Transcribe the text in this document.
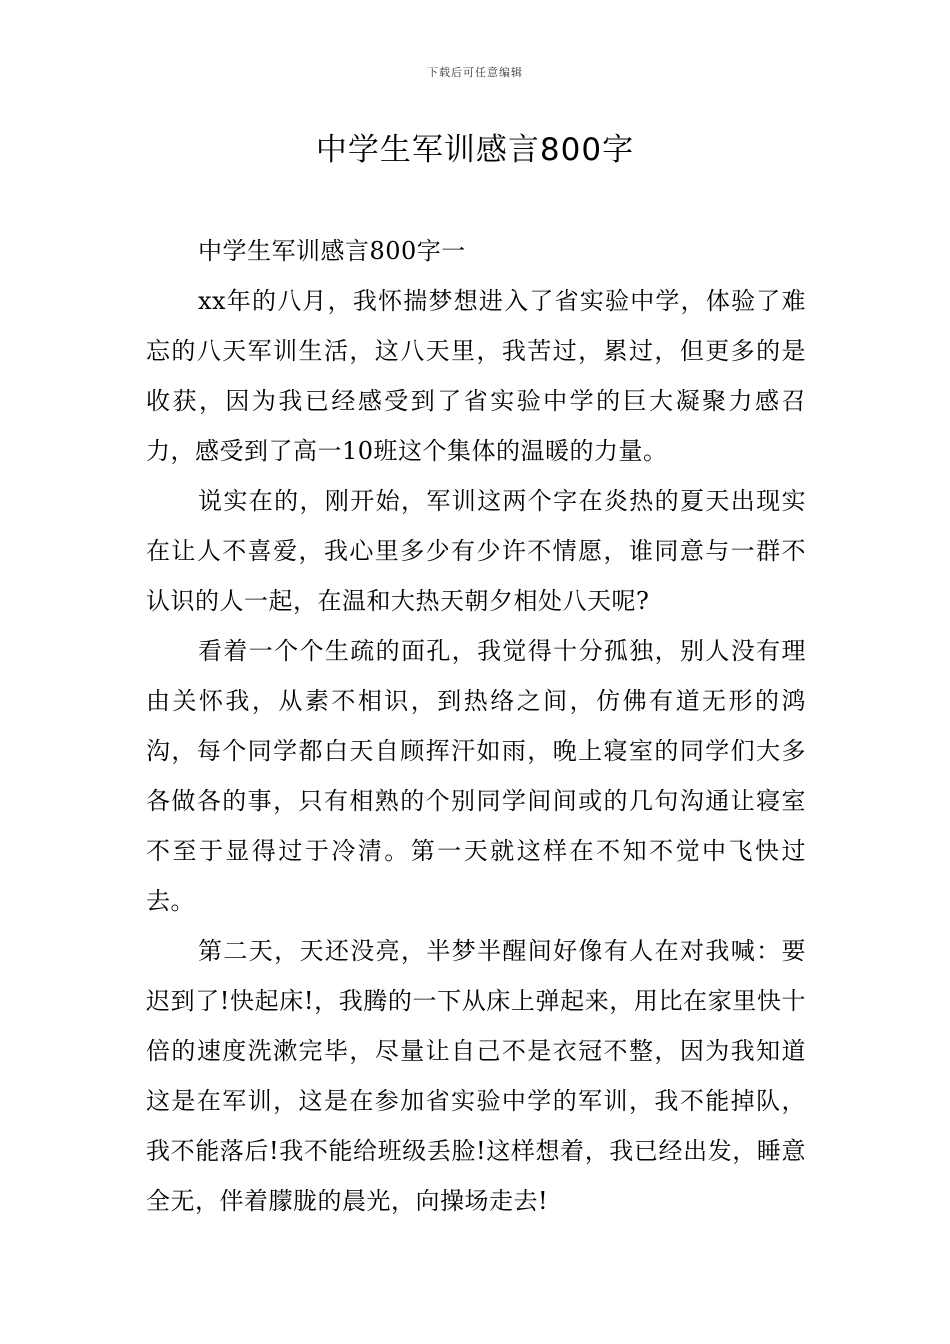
下载后可任意编辑
中学生军训感言800字

中学生军训感言800字一

xx年的八月，我怀揣梦想进入了省实验中学，体验了难忘的八天军训生活，这八天里，我苦过，累过，但更多的是收获，因为我已经感受到了省实验中学的巨大凝聚力感召力，感受到了高一10班这个集体的温暖的力量。

说实在的，刚开始，军训这两个字在炎热的夏天出现实在让人不喜爱，我心里多少有少许不情愿，谁同意与一群不认识的人一起，在温和大热天朝夕相处八天呢?

看着一个个生疏的面孔，我觉得十分孤独，别人没有理由关怀我，从素不相识，到热络之间，仿佛有道无形的鸿沟，每个同学都白天自顾挥汗如雨，晚上寝室的同学们大多各做各的事，只有相熟的个别同学间间或的几句沟通让寝室不至于显得过于冷清。第一天就这样在不知不觉中飞快过去。

第二天，天还没亮，半梦半醒间好像有人在对我喊：要迟到了!快起床!，我腾的一下从床上弹起来，用比在家里快十倍的速度洗漱完毕，尽量让自己不是衣冠不整，因为我知道这是在军训，这是在参加省实验中学的军训，我不能掉队，我不能落后!我不能给班级丢脸!这样想着，我已经出发，睡意全无，伴着朦胧的晨光，向操场走去!
